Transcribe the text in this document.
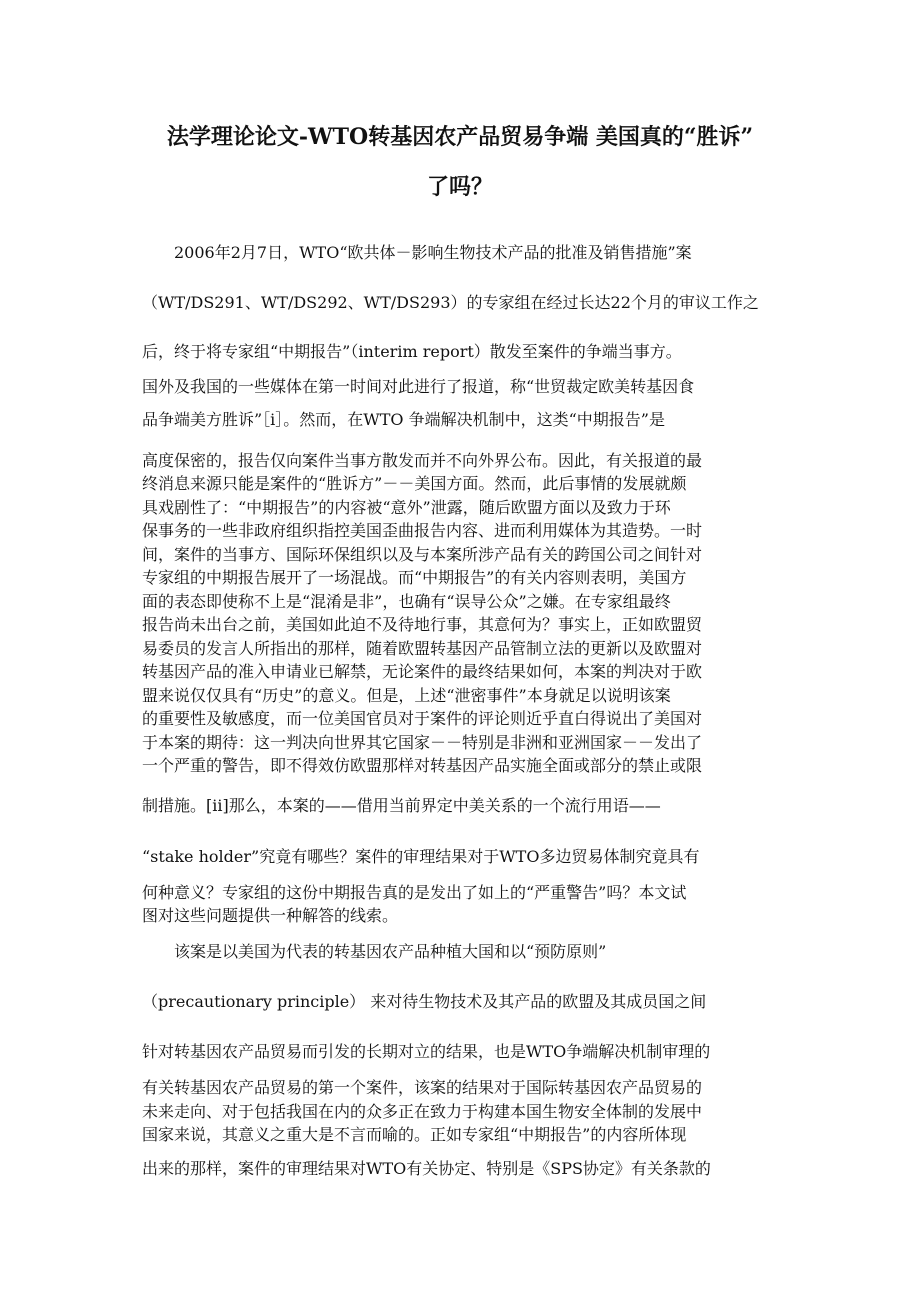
法学理论论文-WTO转基因农产品贸易争端 美国真的“胜诉”
了吗？
2006年2月7日，WTO“欧共体－影响生物技术产品的批准及销售措施”案
（WT/DS291、WT/DS292、WT/DS293）的专家组在经过长达22个月的审议工作之
后，终于将专家组“中期报告”（interim report）散发至案件的争端当事方。
国外及我国的一些媒体在第一时间对此进行了报道，称“世贸裁定欧美转基因食
品争端美方胜诉”［i］。然而，在WTO 争端解决机制中，这类“中期报告”是
高度保密的，报告仅向案件当事方散发而并不向外界公布。因此，有关报道的最
终消息来源只能是案件的“胜诉方”－－美国方面。然而，此后事情的发展就颇
具戏剧性了：“中期报告”的内容被“意外”泄露，随后欧盟方面以及致力于环
保事务的一些非政府组织指控美国歪曲报告内容、进而利用媒体为其造势。一时
间，案件的当事方、国际环保组织以及与本案所涉产品有关的跨国公司之间针对
专家组的中期报告展开了一场混战。而“中期报告”的有关内容则表明，美国方
面的表态即使称不上是“混淆是非”，也确有“误导公众”之嫌。在专家组最终
报告尚未出台之前，美国如此迫不及待地行事，其意何为？事实上，正如欧盟贸
易委员的发言人所指出的那样，随着欧盟转基因产品管制立法的更新以及欧盟对
转基因产品的准入申请业已解禁，无论案件的最终结果如何，本案的判决对于欧
盟来说仅仅具有“历史”的意义。但是，上述“泄密事件”本身就足以说明该案
的重要性及敏感度，而一位美国官员对于案件的评论则近乎直白得说出了美国对
于本案的期待：这一判决向世界其它国家－－特别是非洲和亚洲国家－－发出了
一个严重的警告，即不得效仿欧盟那样对转基因产品实施全面或部分的禁止或限
制措施。[ii]那么，本案的——借用当前界定中美关系的一个流行用语——
“stake holder”究竟有哪些？案件的审理结果对于WTO多边贸易体制究竟具有
何种意义？专家组的这份中期报告真的是发出了如上的“严重警告”吗？本文试
图对这些问题提供一种解答的线索。
该案是以美国为代表的转基因农产品种植大国和以“预防原则”
（precautionary principle） 来对待生物技术及其产品的欧盟及其成员国之间
针对转基因农产品贸易而引发的长期对立的结果，也是WTO争端解决机制审理的
有关转基因农产品贸易的第一个案件，该案的结果对于国际转基因农产品贸易的
未来走向、对于包括我国在内的众多正在致力于构建本国生物安全体制的发展中
国家来说，其意义之重大是不言而喻的。正如专家组“中期报告”的内容所体现
出来的那样，案件的审理结果对WTO有关协定、特别是《SPS协定》有关条款的
